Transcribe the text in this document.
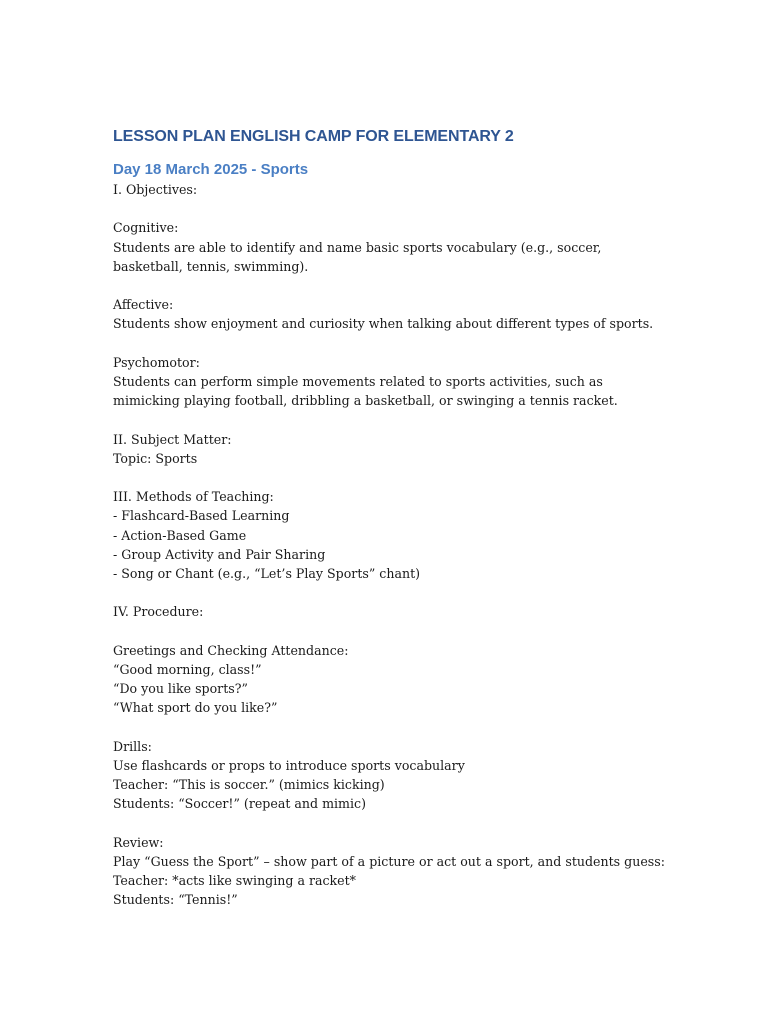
LESSON PLAN ENGLISH CAMP FOR ELEMENTARY 2
Day 18 March 2025 - Sports
I. Objectives:
Cognitive:
Students are able to identify and name basic sports vocabulary (e.g., soccer, basketball, tennis, swimming).
Affective:
Students show enjoyment and curiosity when talking about different types of sports.
Psychomotor:
Students can perform simple movements related to sports activities, such as mimicking playing football, dribbling a basketball, or swinging a tennis racket.
II. Subject Matter:
Topic: Sports
III. Methods of Teaching:
- Flashcard-Based Learning
- Action-Based Game
- Group Activity and Pair Sharing
- Song or Chant (e.g., “Let’s Play Sports” chant)
IV. Procedure:
Greetings and Checking Attendance:
“Good morning, class!”
“Do you like sports?”
“What sport do you like?”
Drills:
Use flashcards or props to introduce sports vocabulary
Teacher: “This is soccer.” (mimics kicking)
Students: “Soccer!” (repeat and mimic)
Review:
Play “Guess the Sport” – show part of a picture or act out a sport, and students guess:
Teacher: *acts like swinging a racket*
Students: “Tennis!”
